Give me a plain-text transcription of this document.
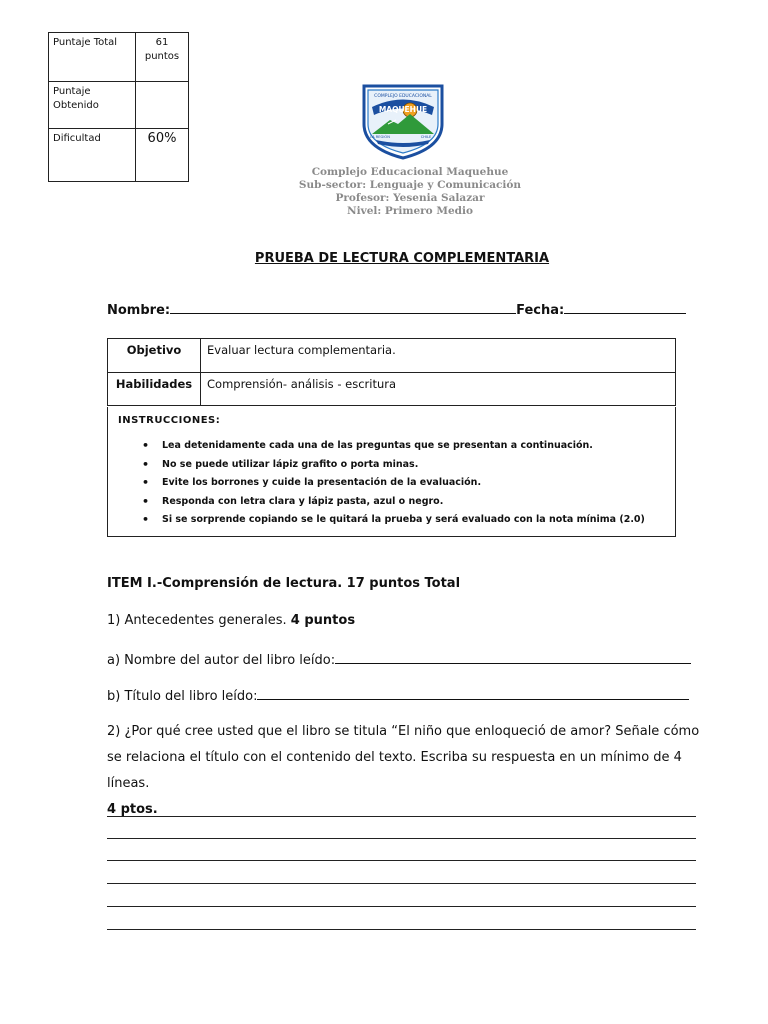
Puntaje Total	61 puntos
Puntaje Obtenido	
Dificultad	60%
COMPLEJO EDUCACIONAL
MAQUEHUE
LA REGIÓN	CHILE
Complejo Educacional Maquehue
Sub-sector: Lenguaje y Comunicación
Profesor: Yesenia Salazar
Nivel: Primero Medio
PRUEBA DE LECTURA COMPLEMENTARIA
Nombre:	Fecha:
Objetivo	Evaluar lectura complementaria.
Habilidades	Comprensión- análisis - escritura
INSTRUCCIONES:
• Lea detenidamente cada una de las preguntas que se presentan a continuación.
• No se puede utilizar lápiz grafito o porta minas.
• Evite los borrones y cuide la presentación de la evaluación.
• Responda con letra clara y lápiz pasta, azul o negro.
• Si se sorprende copiando se le quitará la prueba y será evaluado con la nota mínima (2.0)
ITEM I.-Comprensión de lectura. 17 puntos Total
1) Antecedentes generales. 4 puntos
a) Nombre del autor del libro leído:
b) Título del libro leído:
2) ¿Por qué cree usted que el libro se titula “El niño que enloqueció de amor? Señale cómo se relaciona el título con el contenido del texto. Escriba su respuesta en un mínimo de 4 líneas.
4 ptos.
